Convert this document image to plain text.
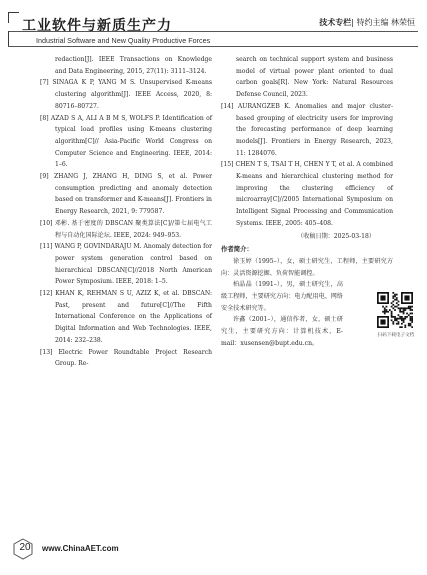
工业软件与新质生产力
Industrial Software and New Quality Productive Forces
技术专栏| 特约主编 林荣恒
redaction[J]. IEEE Transactions on Knowledge and Data Engineering, 2015, 27(11): 3111–3124.
[7] SINAGA K P, YANG M S. Unsupervised K-means clustering algorithm[J]. IEEE Access, 2020, 8: 80716–80727.
[8] AZAD S A, ALI A B M S, WOLFS P. Identification of typical load profiles using K-means clustering algorithm[C]// Asia-Pacific World Congress on Computer Science and Engineering. IEEE, 2014: 1–6.
[9] ZHANG J, ZHANG H, DING S, et al. Power consumption predicting and anomaly detection based on transformer and K-means[J]. Frontiers in Energy Research, 2021, 9: 779587.
[10] 邓彬. 基于密度的 DBSCAN 聚类算法[C]//第七届电气工程与自动化国际论坛. IEEE, 2024: 949–953.
[11] WANG P, GOVINDARAJU M. Anomaly detection for power system generation control based on hierarchical DBSCAN[C]//2018 North American Power Symposium. IEEE, 2018: 1–5.
[12] KHAN K, REHMAN S U, AZIZ K, et al. DBSCAN: Past, present and future[C]//The Fifth International Conference on the Applications of Digital Information and Web Technologies. IEEE, 2014: 232–238.
[13] Electric Power Roundtable Project Research Group. Re-
search on technical support system and business model of virtual power plant oriented to dual carbon goals[R]. New York: Natural Resources Defense Council, 2023.
[14] AURANGZEB K. Anomalies and major cluster-based grouping of electricity users for improving the forecasting performance of deep learning models[J]. Frontiers in Energy Research, 2023, 11: 1284076.
[15] CHEN T S, TSAI T H, CHEN Y T, et al. A combined K-means and hierarchical clustering method for improving the clustering efficiency of microarray[C]//2005 International Symposium on Intelligent Signal Processing and Communication Systems. IEEE, 2005: 405–408.
（收稿日期：2025-03-18）
作者简介：
徐玉婷（1995–），女，硕士研究生，工程师，主要研究方向：灵活资源挖掘、负荷智能调控。
柏晶晶（1991–），男，硕士研究生，高级工程师，主要研究方向：电力配用电、网络安全技术研究等。
许鑫（2001–），通信作者，女，硕士研究生，主要研究方向：计算机技术，E-mail：xusensen@bupt.edu.cn。
扫码下载电子文档
20	www.ChinaAET.com
